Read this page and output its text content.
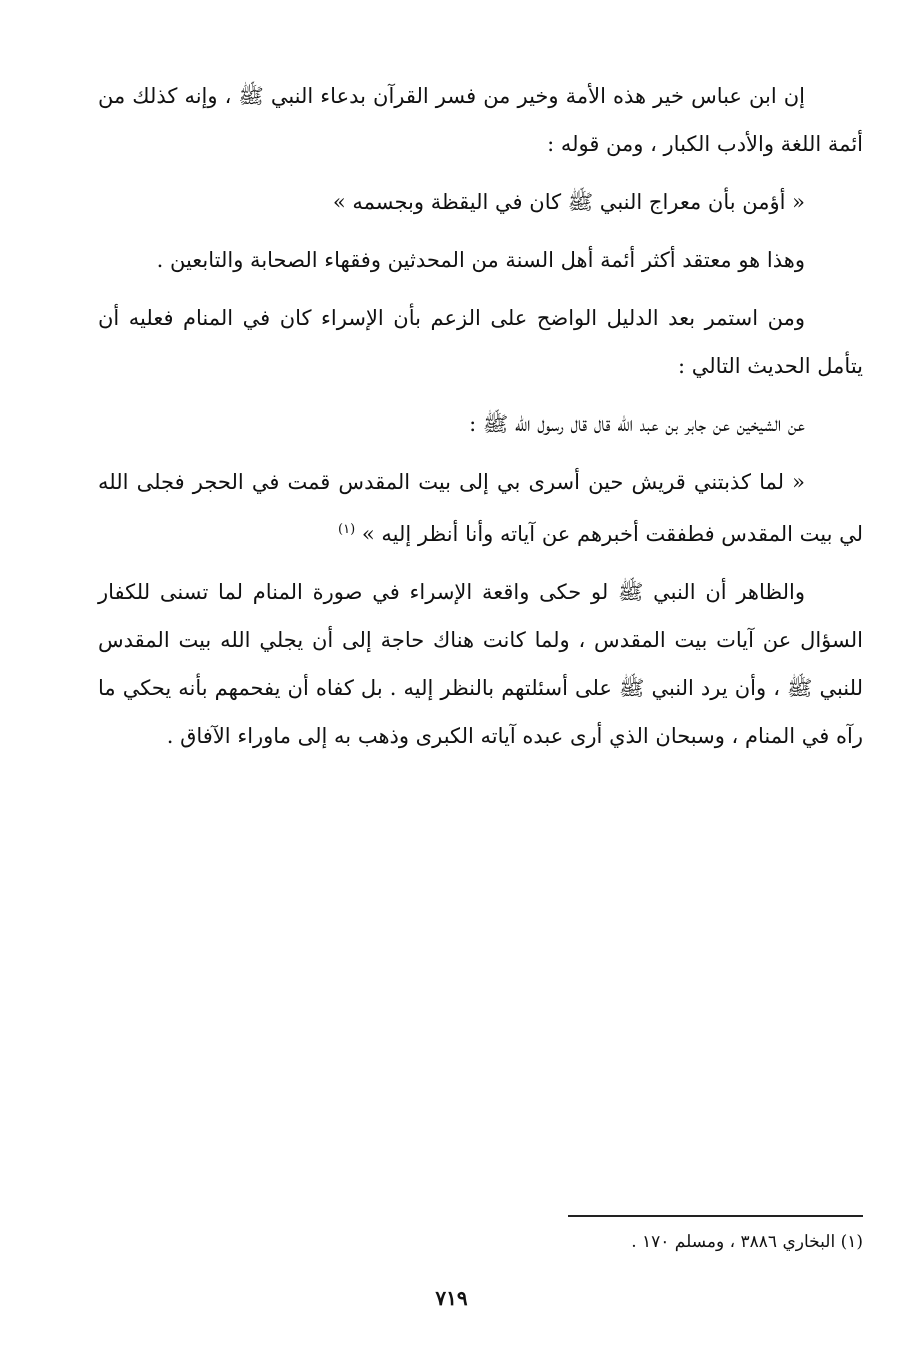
إن ابن عباس خير هذه الأمة وخير من فسر القرآن بدعاء النبي ﷺ ، وإنه كذلك من أئمة اللغة والأدب الكبار ، ومن قوله :

« أؤمن بأن معراج النبي ﷺ كان في اليقظة وبجسمه »

وهذا هو معتقد أكثر أئمة أهل السنة من المحدثين وفقهاء الصحابة والتابعين .

ومن استمر بعد الدليل الواضح على الزعم بأن الإسراء كان في المنام فعليه أن يتأمل الحديث التالي :

عن الشيخين عن جابر بن عبد الله قال قال رسول الله ﷺ :

« لما كذبتني قريش حين أسرى بي إلى بيت المقدس قمت في الحجر فجلى الله لي بيت المقدس فطفقت أخبرهم عن آياته وأنا أنظر إليه » $^{(١)}$

والظاهر أن النبي ﷺ لو حكى واقعة الإسراء في صورة المنام لما تسنى للكفار السؤال عن آيات بيت المقدس ، ولما كانت هناك حاجة إلى أن يجلي الله بيت المقدس للنبي ﷺ ، وأن يرد النبي ﷺ على أسئلتهم بالنظر إليه . بل كفاه أن يفحمهم بأنه يحكي ما رآه في المنام ، وسبحان الذي أرى عبده آياته الكبرى وذهب به إلى ماوراء الآفاق .

(١) البخاري ٣٨٨٦ ، ومسلم ١٧٠ .
٧١٩
